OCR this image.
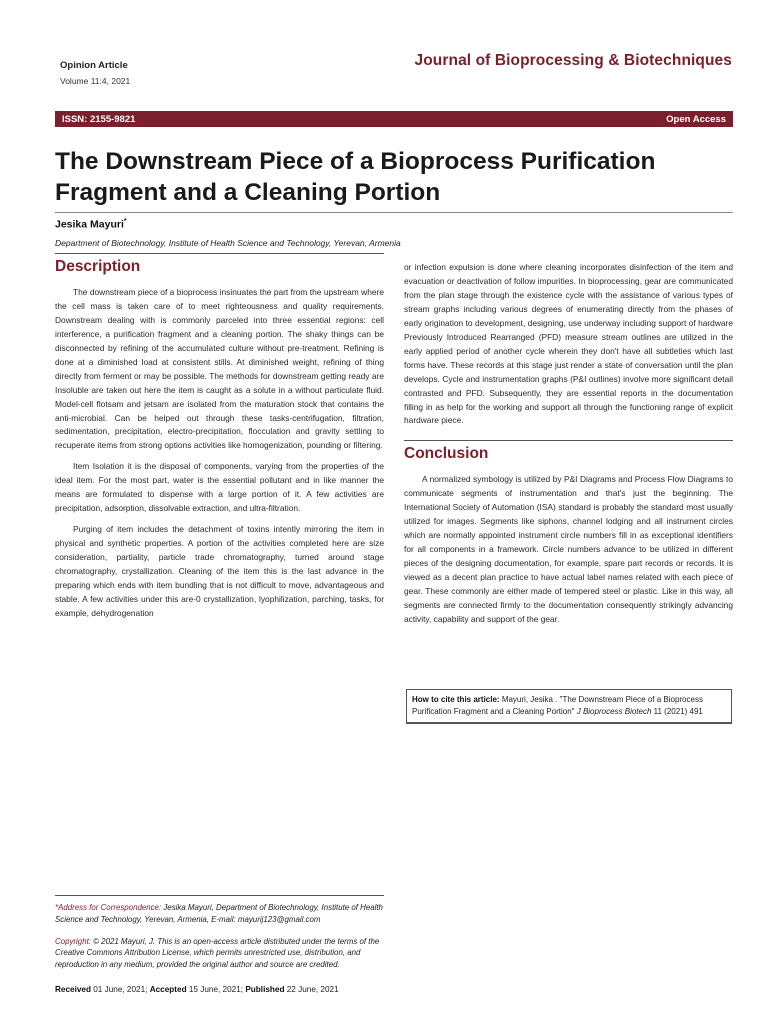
Opinion Article
Volume 11:4, 2021
Journal of Bioprocessing & Biotechniques
ISSN: 2155-9821	Open Access
The Downstream Piece of a Bioprocess Purification Fragment and a Cleaning Portion
Jesika Mayuri*
Department of Biotechnology, Institute of Health Science and Technology, Yerevan, Armenia
Description

The downstream piece of a bioprocess insinuates the part from the upstream where the cell mass is taken care of to meet righteousness and quality requirements. Downstream dealing with is commonly parceled into three essential regions: cell interference, a purification fragment and a cleaning portion. The shaky things can be disconnected by refining of the accumulated culture without pre-treatment. Refining is done at a diminished load at consistent stills. At diminished weight, refining of thing directly from ferment or may be possible. The methods for downstream getting ready are Insoluble are taken out here the item is caught as a solute in a without particulate fluid. Model-cell flotsam and jetsam are isolated from the maturation stock that contains the anti-microbial. Can be helped out through these tasks-centrifugation, filtration, sedimentation, precipitation, electro-precipitation, flocculation and gravity settling to recuperate items from strong options activities like homogenization, pounding or filtering.

Item Isolation it is the disposal of components, varying from the properties of the ideal item. For the most part, water is the essential pollutant and in like manner the means are formulated to dispense with a large portion of it. A few activities are precipitation, adsorption, dissolvable extraction, and ultra-filtration.

Purging of item includes the detachment of toxins intently mirroring the item in physical and synthetic properties. A portion of the activities completed here are size consideration, partiality, particle trade chromatography, turned around stage chromatography, crystallization. Cleaning of the item this is the last advance in the preparing which ends with item bundling that is not difficult to move, advantageous and stable. A few activities under this are-0 crystallization, lyophilization, parching, tasks, for example, dehydrogenation

or infection expulsion is done where cleaning incorporates disinfection of the item and evacuation or deactivation of follow impurities. In bioprocessing, gear are communicated from the plan stage through the existence cycle with the assistance of various types of stream graphs including various degrees of enumerating directly from the phases of early origination to development, designing, use underway including support of hardware Previously Introduced Rearranged (PFD) measure stream outlines are utilized in the early applied period of another cycle wherein they don't have all subtleties which last forms have. These records at this stage just render a state of conversation until the plan develops. Cycle and instrumentation graphs (P&I outlines) involve more significant detail contrasted and PFD. Subsequently, they are essential reports in the documentation filling in as help for the working and support all through the functioning range of explicit hardware piece.

Conclusion

A normalized symbology is utilized by P&I Diagrams and Process Flow Diagrams to communicate segments of instrumentation and that's just the beginning. The International Society of Automation (ISA) standard is probably the standard most usually utilized for images. Segments like siphons, channel lodging and all instrument circles which are normally appointed instrument circle numbers fill in as exceptional identifiers for all components in a framework. Circle numbers advance to be utilized in different pieces of the designing documentation, for example, spare part records or records. It is viewed as a decent plan practice to have actual label names related with each piece of gear. These commonly are either made of tempered steel or plastic. Like in this way, all segments are connected firmly to the documentation consequently strikingly advancing activity, capability and support of the gear.

How to cite this article: Mayuri, Jesika . "The Downstream Piece of a Bioprocess Purification Fragment and a Cleaning Portion" J Bioprocess Biotech 11 (2021) 491

*Address for Correspondence: Jesika Mayuri, Department of Biotechnology, Institute of Health Science and Technology, Yerevan, Armenia, E-mail: mayurij123@gmail.com

Copyright: © 2021 Mayuri, J. This is an open-access article distributed under the terms of the Creative Commons Attribution License, which permits unrestricted use, distribution, and reproduction in any medium, provided the original author and source are credited.

Received 01 June, 2021; Accepted 15 June, 2021; Published 22 June, 2021
